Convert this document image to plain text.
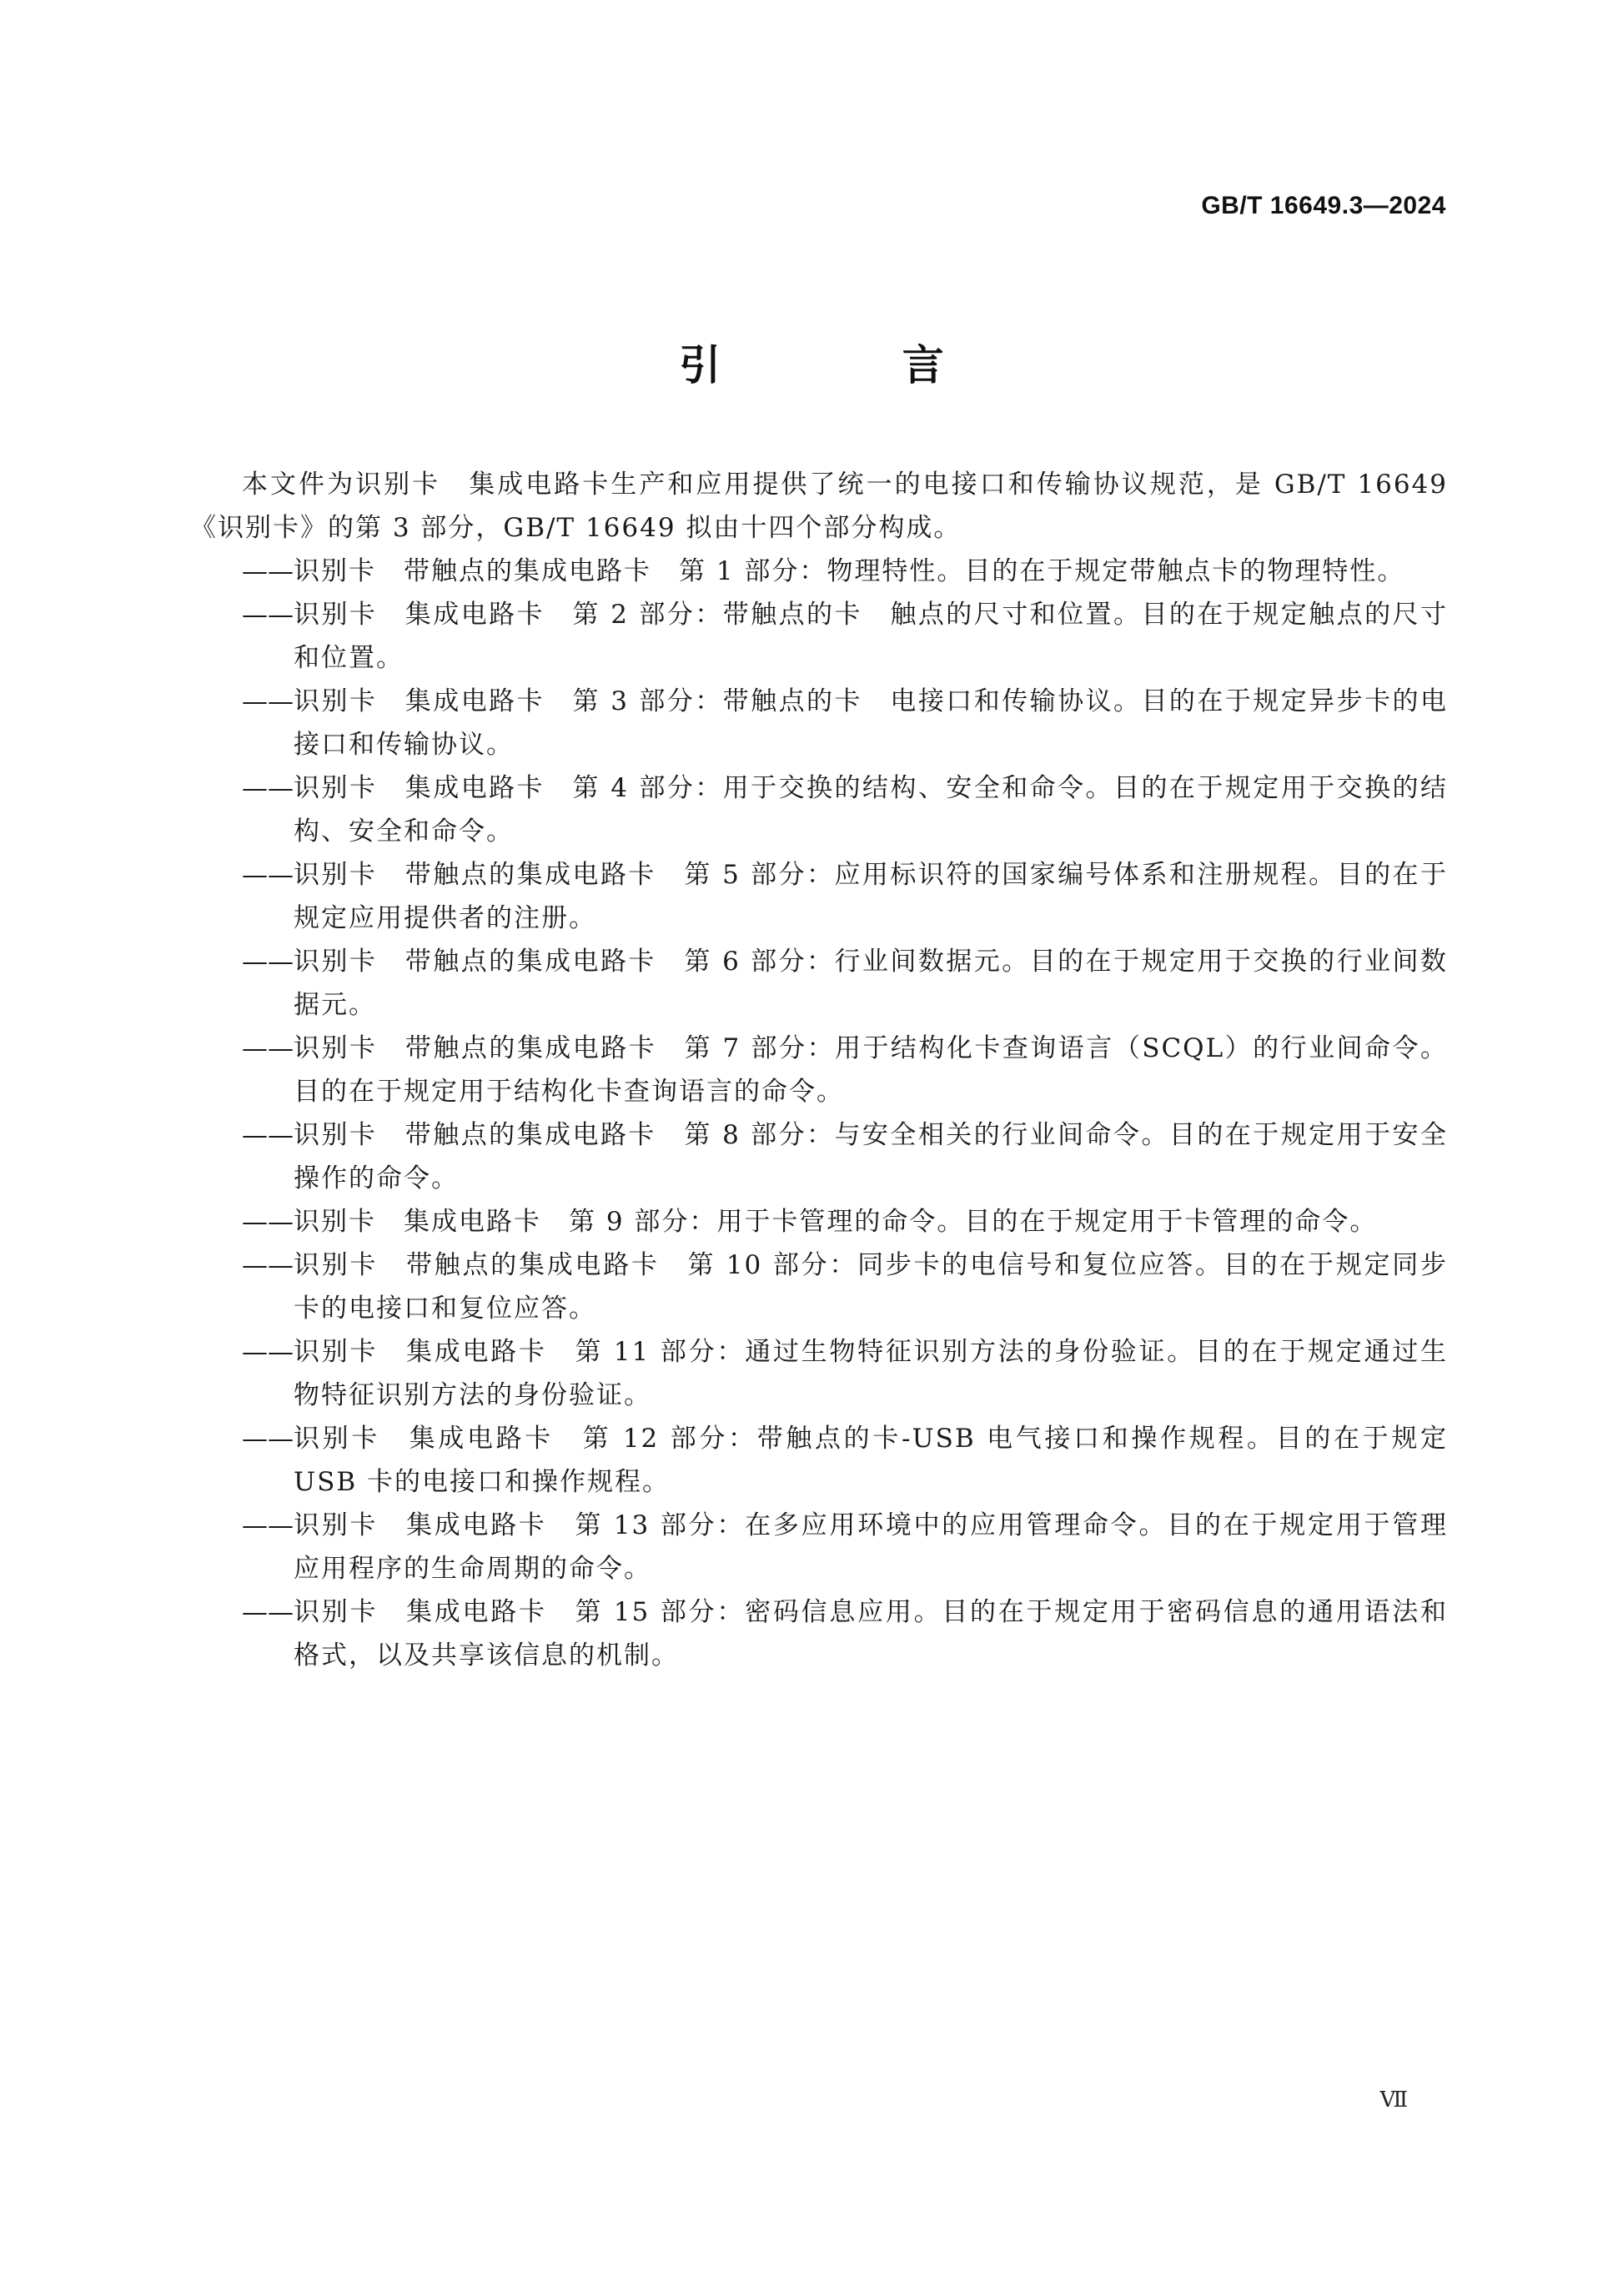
GB/T 16649.3—2024
引 言

本文件为识别卡　集成电路卡生产和应用提供了统一的电接口和传输协议规范，是 GB/T 16649《识别卡》的第 3 部分，GB/T 16649 拟由十四个部分构成。

—— 识别卡　带触点的集成电路卡　第 1 部分：物理特性。目的在于规定带触点卡的物理特性。
—— 识别卡　集成电路卡　第 2 部分：带触点的卡　触点的尺寸和位置。目的在于规定触点的尺寸和位置。
—— 识别卡　集成电路卡　第 3 部分：带触点的卡　电接口和传输协议。目的在于规定异步卡的电接口和传输协议。
—— 识别卡　集成电路卡　第 4 部分：用于交换的结构、安全和命令。目的在于规定用于交换的结构、安全和命令。
—— 识别卡　带触点的集成电路卡　第 5 部分：应用标识符的国家编号体系和注册规程。目的在于规定应用提供者的注册。
—— 识别卡　带触点的集成电路卡　第 6 部分：行业间数据元。目的在于规定用于交换的行业间数据元。
—— 识别卡　带触点的集成电路卡　第 7 部分：用于结构化卡查询语言（SCQL）的行业间命令。目的在于规定用于结构化卡查询语言的命令。
—— 识别卡　带触点的集成电路卡　第 8 部分：与安全相关的行业间命令。目的在于规定用于安全操作的命令。
—— 识别卡　集成电路卡　第 9 部分：用于卡管理的命令。目的在于规定用于卡管理的命令。
—— 识别卡　带触点的集成电路卡　第 10 部分：同步卡的电信号和复位应答。目的在于规定同步卡的电接口和复位应答。
—— 识别卡　集成电路卡　第 11 部分：通过生物特征识别方法的身份验证。目的在于规定通过生物特征识别方法的身份验证。
—— 识别卡　集成电路卡　第 12 部分：带触点的卡-USB 电气接口和操作规程。目的在于规定 USB 卡的电接口和操作规程。
—— 识别卡　集成电路卡　第 13 部分：在多应用环境中的应用管理命令。目的在于规定用于管理应用程序的生命周期的命令。
—— 识别卡　集成电路卡　第 15 部分：密码信息应用。目的在于规定用于密码信息的通用语法和格式，以及共享该信息的机制。
Ⅶ
